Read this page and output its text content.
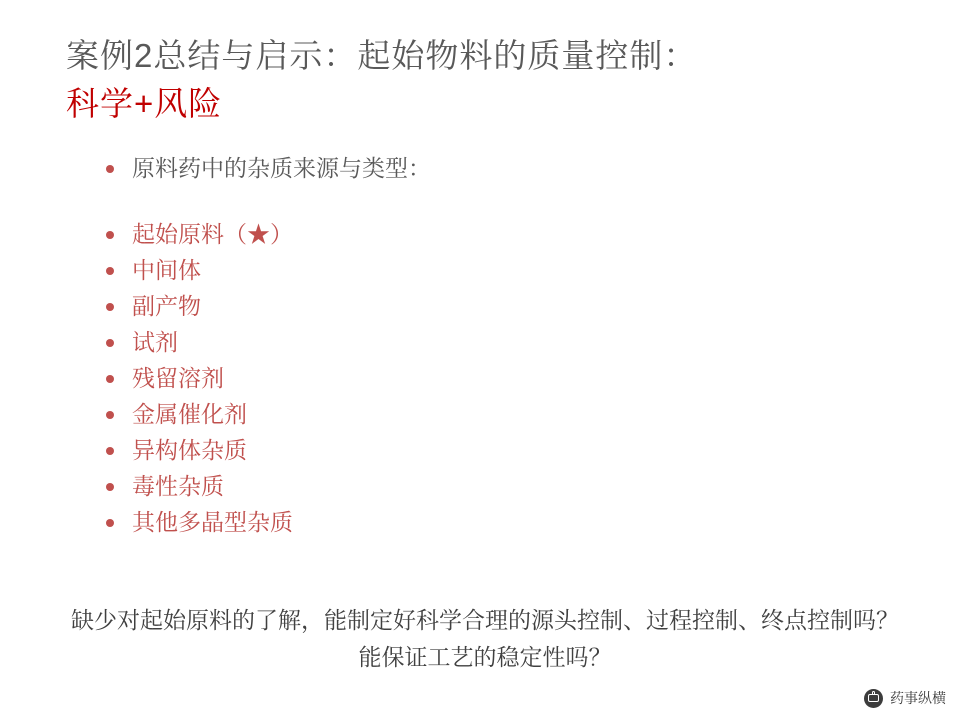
案例2总结与启示：起始物料的质量控制：
科学+风险
原料药中的杂质来源与类型：
起始原料（★）
中间体
副产物
试剂
残留溶剂
金属催化剂
异构体杂质
毒性杂质
其他多晶型杂质
缺少对起始原料的了解，能制定好科学合理的源头控制、过程控制、终点控制吗？能保证工艺的稳定性吗？
药事纵横
